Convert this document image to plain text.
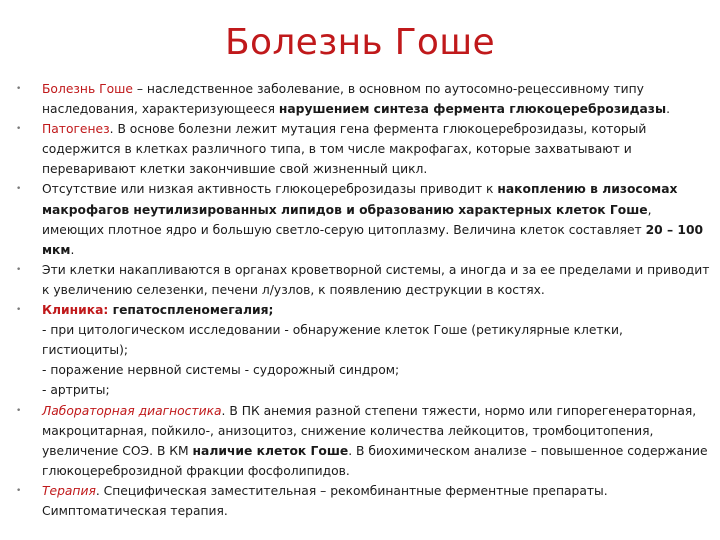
Болезнь Гоше
•	Болезнь Гоше – наследственное заболевание, в основном по аутосомно-рецессивному типу наследования, характеризующееся нарушением синтеза фермента глюкоцереброзидазы.
•	Патогенез. В основе болезни лежит мутация гена фермента глюкоцереброзидазы, который содержится в клетках различного типа, в том числе макрофагах, которые захватывают и переваривают клетки закончившие свой жизненный цикл.
•	Отсутствие или низкая активность глюкоцереброзидазы приводит к накоплению в лизосомах макрофагов неутилизированных липидов и образованию характерных клеток Гоше, имеющих плотное ядро и большую светло-серую цитоплазму. Величина клеток составляет 20 – 100 мкм.
•	Эти клетки накапливаются в органах кроветворной системы, а иногда и за ее пределами и приводит к увеличению селезенки, печени л/узлов, к появлению деструкции в костях.
•	Клиника: гепатоспленомегалия;
- при цитологическом исследовании - обнаружение клеток Гоше (ретикулярные клетки, гистиоциты);
- поражение нервной системы - судорожный синдром;
- артриты;
•	Лабораторная диагностика. В ПК анемия разной степени тяжести, нормо или гипорегенераторная, макроцитарная, пойкило-, анизоцитоз, снижение количества лейкоцитов, тромбоцитопения, увеличение СОЭ. В КМ наличие клеток Гоше. В биохимическом анализе – повышенное содержание глюкоцереброзидной фракции фосфолипидов.
•	Терапия. Специфическая заместительная – рекомбинантные ферментные препараты. Симптоматическая терапия.
